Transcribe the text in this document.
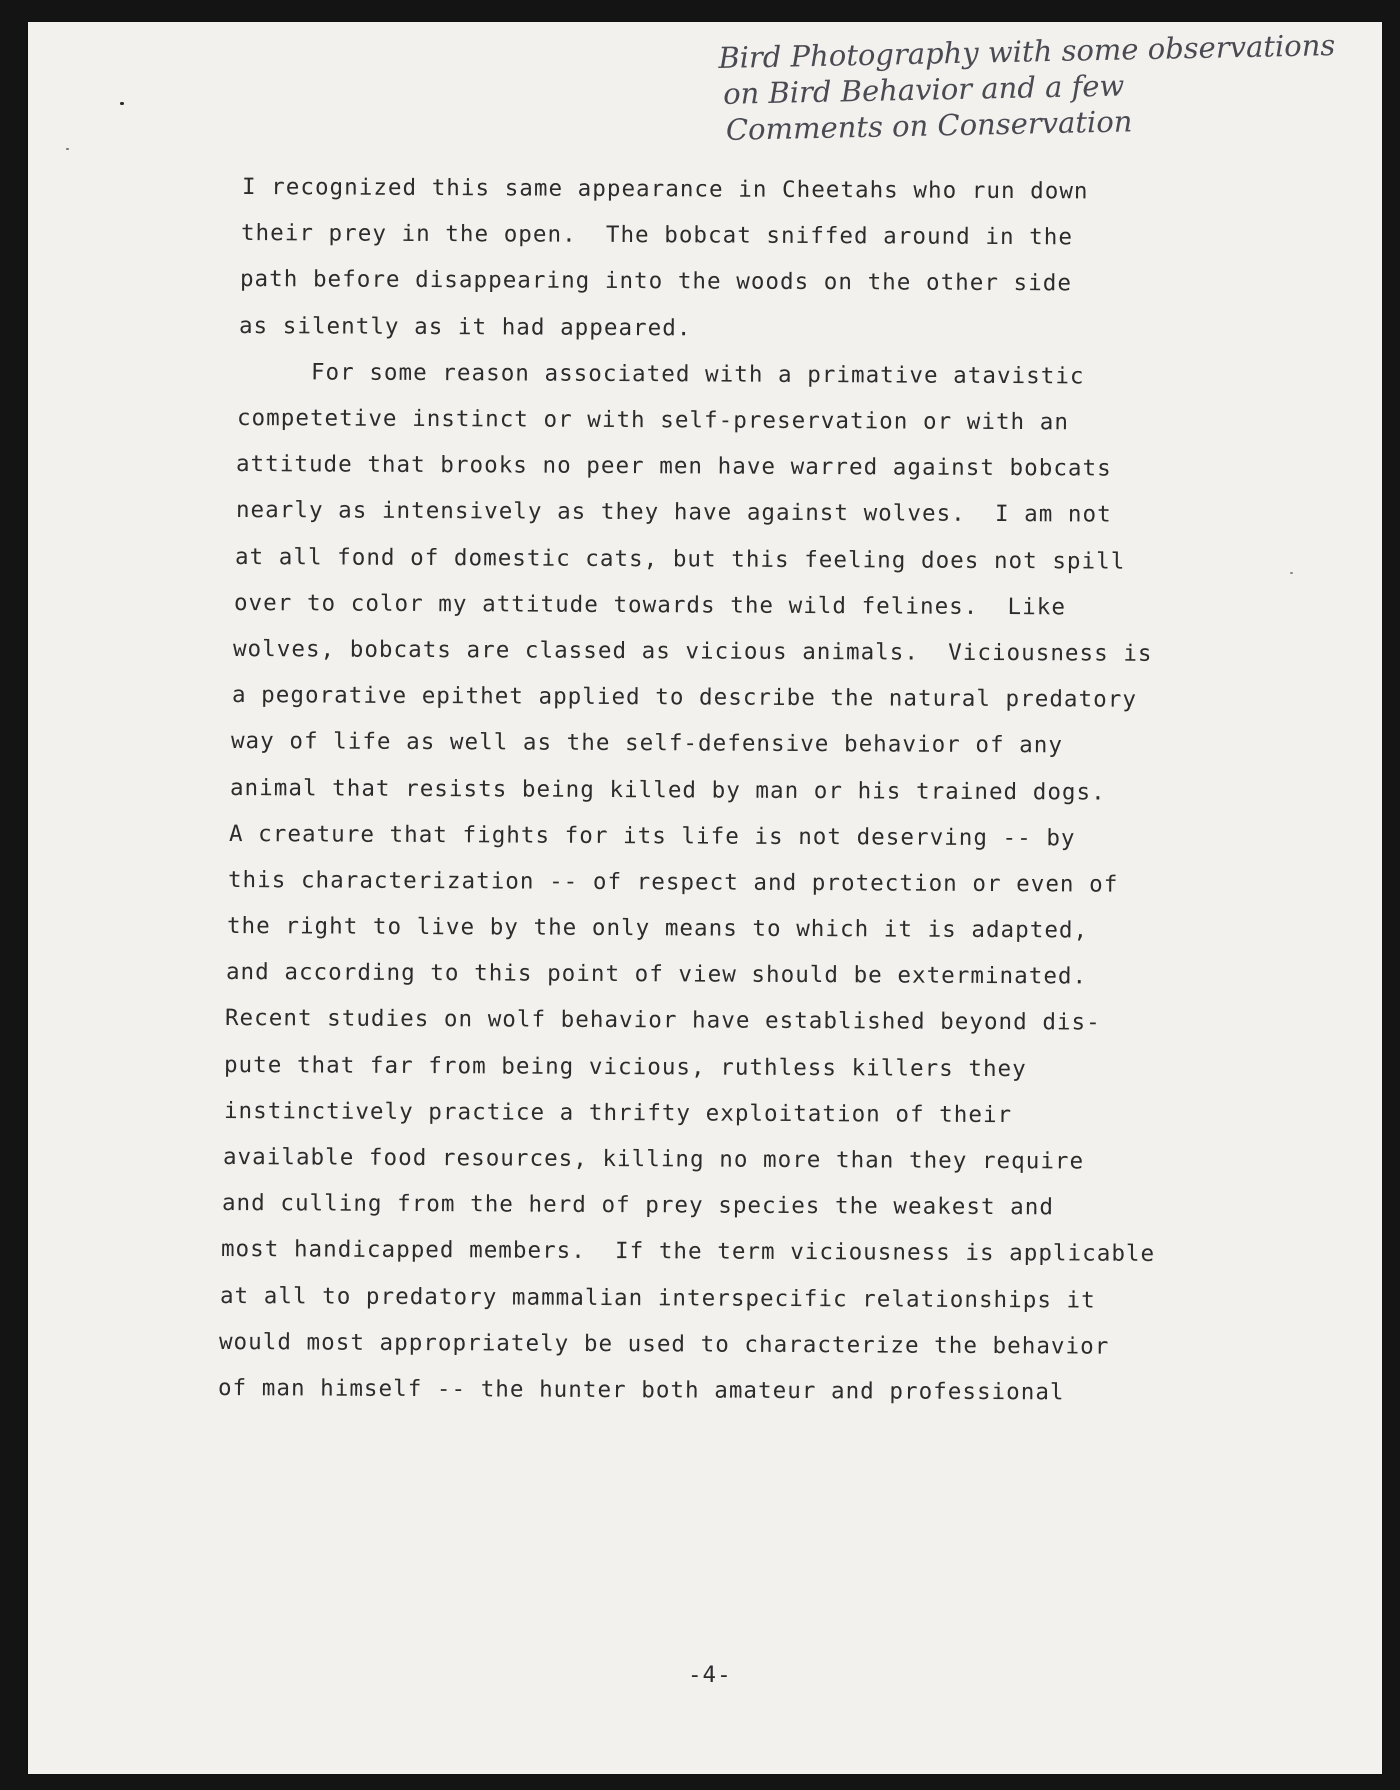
Bird Photography with some observations
on Bird Behavior and a few
Comments on Conservation
I recognized this same appearance in Cheetahs who run down
their prey in the open.  The bobcat sniffed around in the
path before disappearing into the woods on the other side
as silently as it had appeared.
For some reason associated with a primative atavistic
competetive instinct or with self-preservation or with an
attitude that brooks no peer men have warred against bobcats
nearly as intensively as they have against wolves.  I am not
at all fond of domestic cats, but this feeling does not spill
over to color my attitude towards the wild felines.  Like
wolves, bobcats are classed as vicious animals.  Viciousness is
a pegorative epithet applied to describe the natural predatory
way of life as well as the self-defensive behavior of any
animal that resists being killed by man or his trained dogs.
A creature that fights for its life is not deserving -- by
this characterization -- of respect and protection or even of
the right to live by the only means to which it is adapted,
and according to this point of view should be exterminated.
Recent studies on wolf behavior have established beyond dis-
pute that far from being vicious, ruthless killers they
instinctively practice a thrifty exploitation of their
available food resources, killing no more than they require
and culling from the herd of prey species the weakest and
most handicapped members.  If the term viciousness is applicable
at all to predatory mammalian interspecific relationships it
would most appropriately be used to characterize the behavior
of man himself -- the hunter both amateur and professional
-4-
